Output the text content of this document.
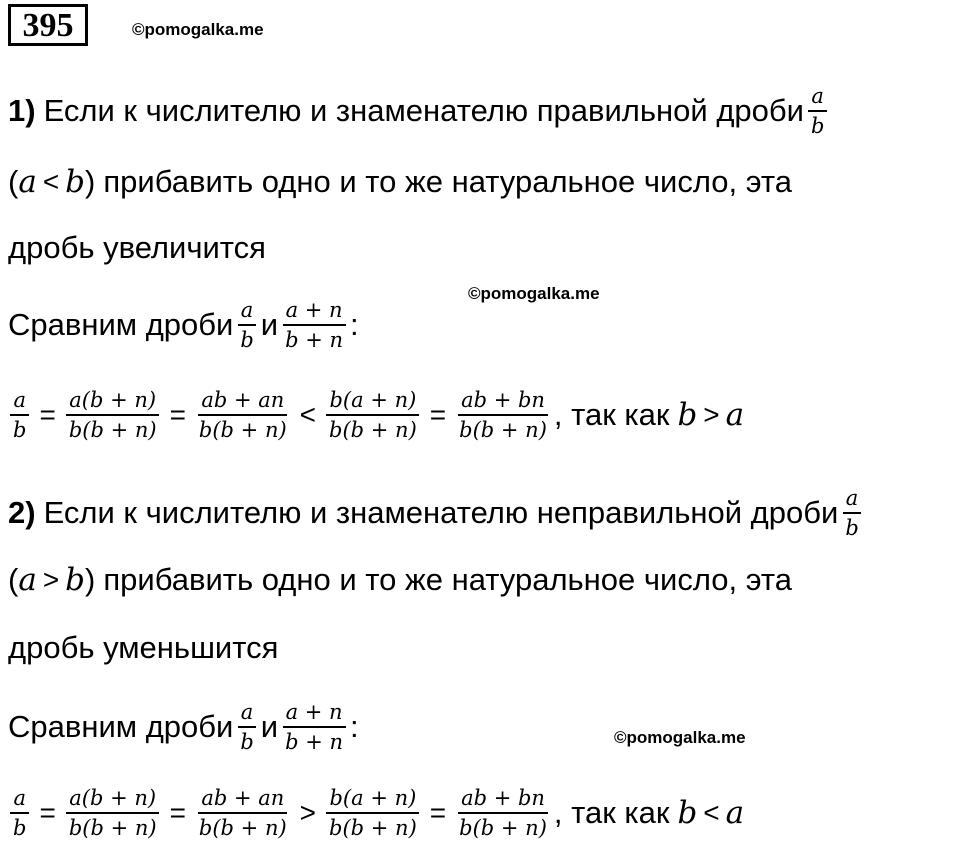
395	©pomogalka.me
1) Если к числителю и знаменателю правильной дроби $\frac{a}{b}$
( a < b ) прибавить одно и то же натуральное число, эта
дробь увеличится
©pomogalka.me
Сравним дроби $\frac{a}{b}$ и $\frac{a + n}{b + n}$ :
$\frac{a}{b} = \frac{a(b + n)}{b(b + n)} = \frac{ab + an}{b(b + n)} < \frac{b(a + n)}{b(b + n)} = \frac{ab + bn}{b(b + n)}$ , так как b > a
2) Если к числителю и знаменателю неправильной дроби $\frac{a}{b}$
( a > b ) прибавить одно и то же натуральное число, эта
дробь уменьшится
Сравним дроби $\frac{a}{b}$ и $\frac{a + n}{b + n}$ :	©pomogalka.me
$\frac{a}{b} = \frac{a(b + n)}{b(b + n)} = \frac{ab + an}{b(b + n)} > \frac{b(a + n)}{b(b + n)} = \frac{ab + bn}{b(b + n)}$ , так как b < a
